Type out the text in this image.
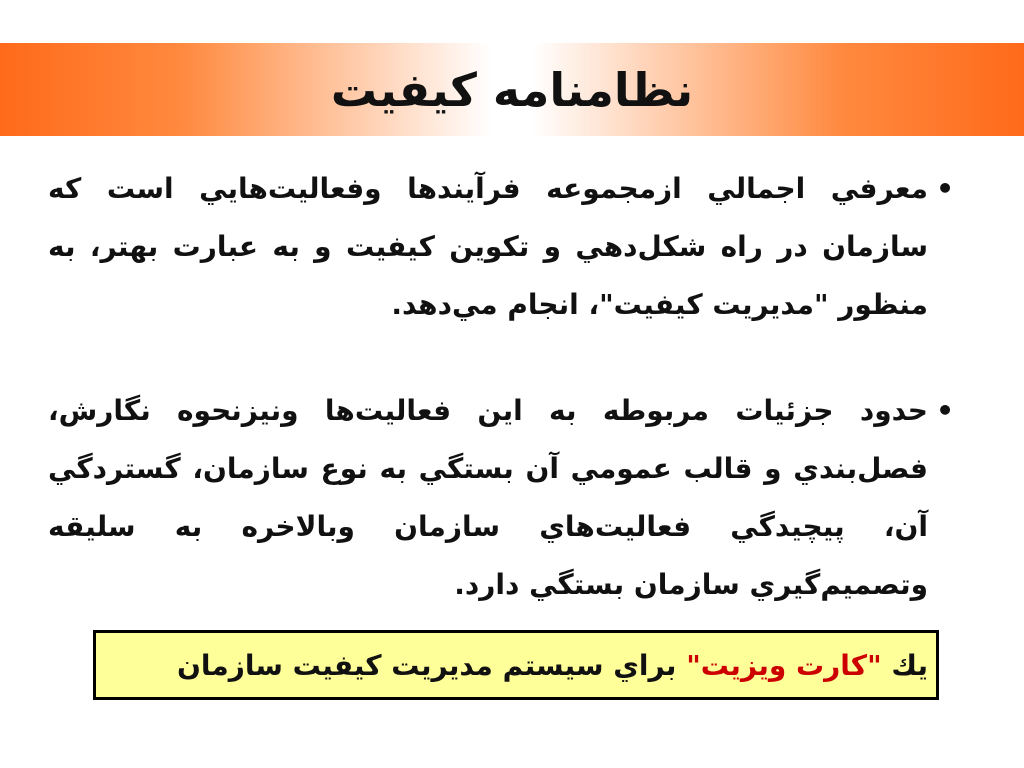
نظامنامه کيفيت
•
معرفي اجمالي ازمجموعه فرآيندها وفعاليت‌هايي است که سازمان در راه شکل‌دهي و تکوين کيفيت و به عبارت بهتر، به منظور "مديريت کيفيت"، انجام مي‌دهد.
•
حدود جزئيات مربوطه به اين فعاليت‌ها ونيزنحوه نگارش، فصل‌بندي و قالب عمومي آن بستگي به نوع سازمان، گستردگي آن، پيچيدگي فعاليت‌هاي سازمان وبالاخره به سليقه وتصميم‌گيري سازمان بستگي دارد.
يك
"کارت ويزيت"
براي سيستم مديريت کيفيت سازمان
